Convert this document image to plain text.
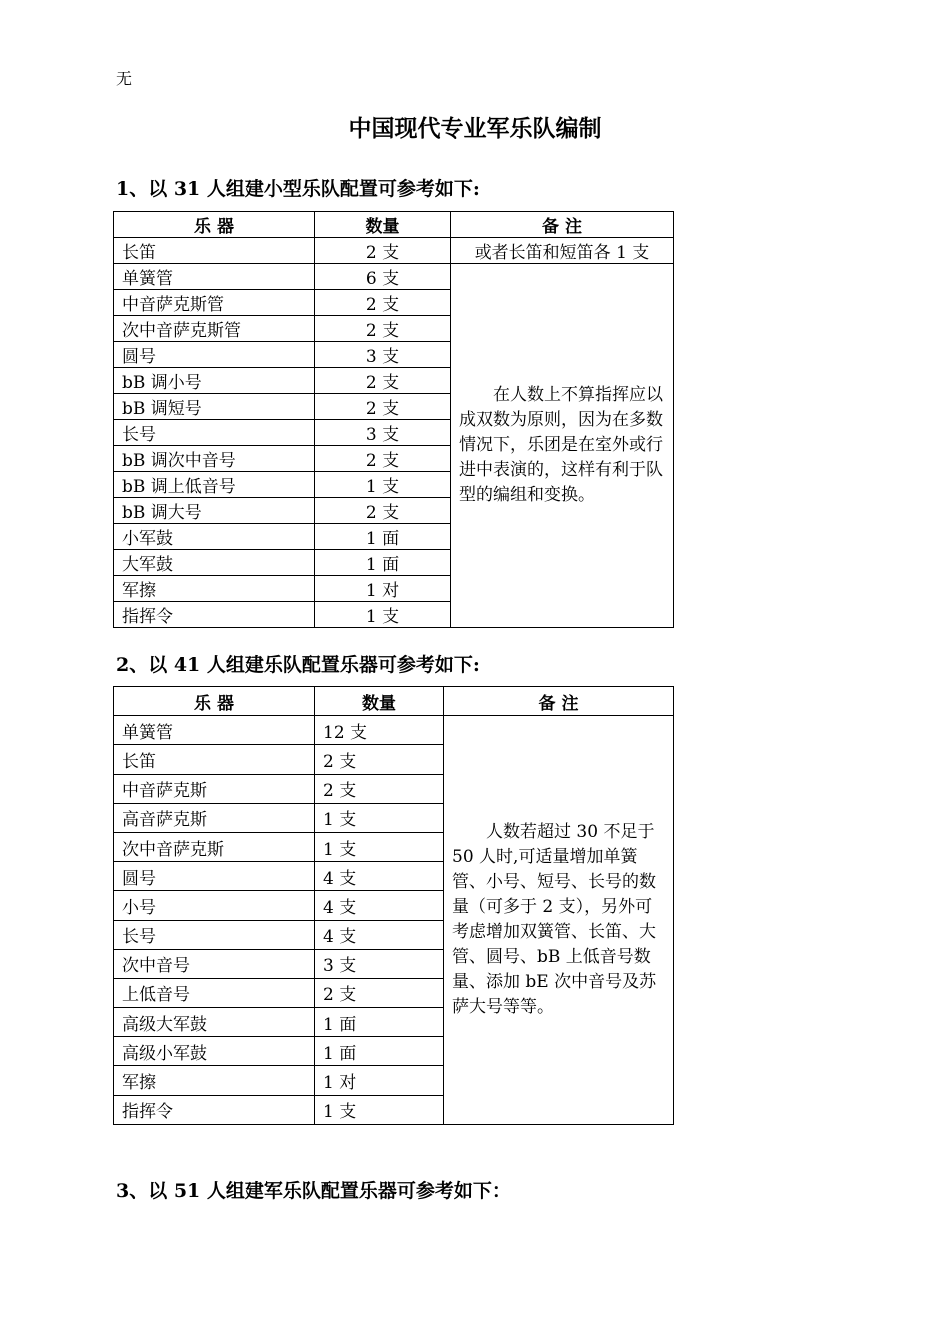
无
中国现代专业军乐队编制
1、以 31 人组建小型乐队配置可参考如下:
乐 器	数量	备 注
长笛	2 支	或者长笛和短笛各 1 支
单簧管	6 支	在人数上不算指挥应以成双数为原则，因为在多数情况下，乐团是在室外或行进中表演的，这样有利于队型的编组和变换。
中音萨克斯管	2 支	
次中音萨克斯管	2 支	
圆号	3 支	
bB 调小号	2 支	
bB 调短号	2 支	
长号	3 支	
bB 调次中音号	2 支	
bB 调上低音号	1 支	
bB 调大号	2 支	
小军鼓	1 面	
大军鼓	1 面	
军擦	1 对	
指挥令	1 支	
2、以 41 人组建乐队配置乐器可参考如下:
乐 器	数量	备 注
单簧管	12 支	人数若超过 30 不足于 50 人时,可适量增加单簧管、小号、短号、长号的数量（可多于 2 支），另外可考虑增加双簧管、长笛、大管、圆号、bB 上低音号数量、添加 bE 次中音号及苏萨大号等等。
长笛	2 支	
中音萨克斯	2 支	
高音萨克斯	1 支	
次中音萨克斯	1 支	
圆号	4 支	
小号	4 支	
长号	4 支	
次中音号	3 支	
上低音号	2 支	
高级大军鼓	1 面	
高级小军鼓	1 面	
军擦	1 对	
指挥令	1 支	
3、以 51 人组建军乐队配置乐器可参考如下：
